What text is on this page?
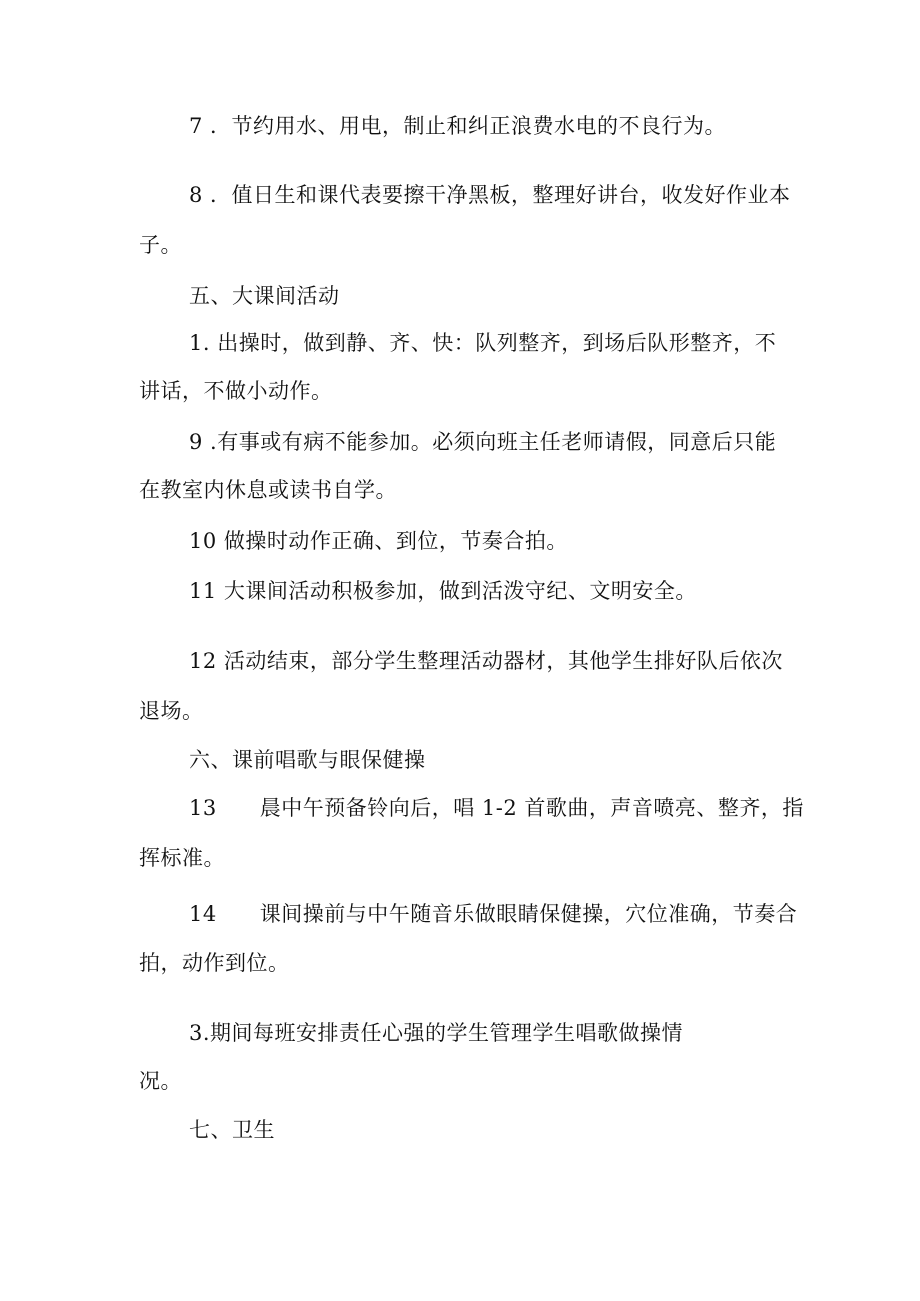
7 ．节约用水、用电，制止和纠正浪费水电的不良行为。
8 ．值日生和课代表要擦干净黑板，整理好讲台，收发好作业本
子。
五、大课间活动
1. 出操时，做到静、齐、快：队列整齐，到场后队形整齐，不
讲话，不做小动作。
9 .有事或有病不能参加。必须向班主任老师请假，同意后只能
在教室内休息或读书自学。
10 做操时动作正确、到位，节奏合拍。
11 大课间活动积极参加，做到活泼守纪、文明安全。
12 活动结束，部分学生整理活动器材，其他学生排好队后依次
退场。
六、课前唱歌与眼保健操
13　　晨中午预备铃向后，唱 1-2 首歌曲，声音喷亮、整齐，指
挥标准。
14　　课间操前与中午随音乐做眼睛保健操，穴位准确，节奏合
拍，动作到位。
3.期间每班安排责任心强的学生管理学生唱歌做操情
况。
七、卫生
